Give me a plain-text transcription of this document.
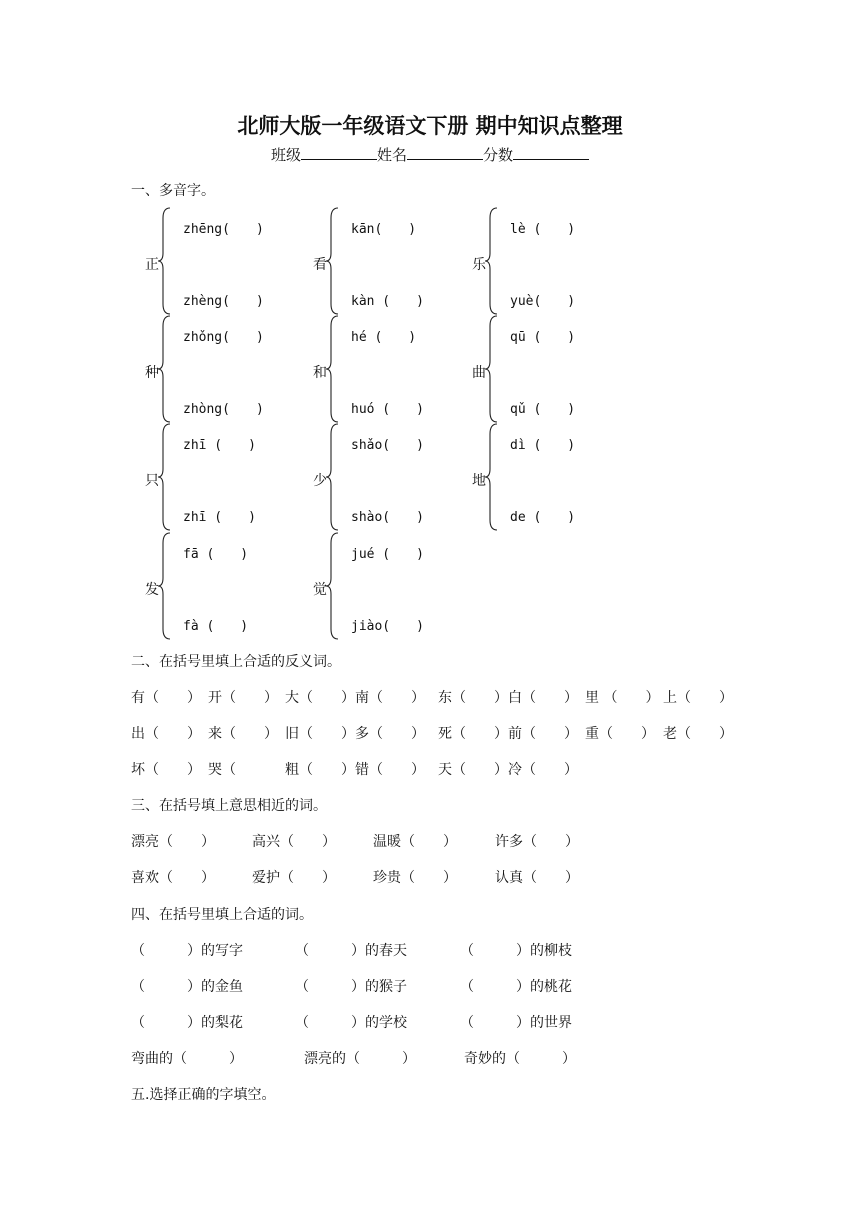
北师大版一年级语文下册 期中知识点整理
班级	姓名	分数
一、多音字。
正
zhēng(　　)
zhèng(　　)
看
kān(　　)
kàn (　　)
乐
lè (　　)
yuè(　　)
种
zhǒng(　　)
zhòng(　　)
和
hé (　　)
huó (　　)
曲
qū (　　)
qǔ (　　)
只
zhī (　　)
zhī (　　)
少
shǎo(　　)
shào(　　)
地
dì (　　)
de (　　)
发
fā (　　)
fà (　　)
觉
jué (　　)
jiào(　　)
二、在括号里填上合适的反义词。
有（　　） 开（　　） 大（　　） 南（　　） 东（　　） 白（　　） 里 （　　） 上（　　）
出（　　） 来（　　） 旧（　　） 多（　　） 死（　　） 前（　　） 重（　　） 老（　　）
坏（　　） 哭（　　 粗（　　） 错（　　） 天（　　） 冷（　　）
三、在括号填上意思相近的词。
漂亮（　　）	高兴（　　）	温暖（　　）	许多（　　）
喜欢（　　）	爱护（　　）	珍贵（　　）	认真（　　）
四、在括号里填上合适的词。
（　　　）的写字	（　　　）的春天	（　　　）的柳枝
（　　　）的金鱼	（　　　）的猴子	（　　　）的桃花
（　　　）的梨花	（　　　）的学校	（　　　）的世界
弯曲的（　　　）	漂亮的（　　　）	奇妙的（　　　）
五.选择正确的字填空。
